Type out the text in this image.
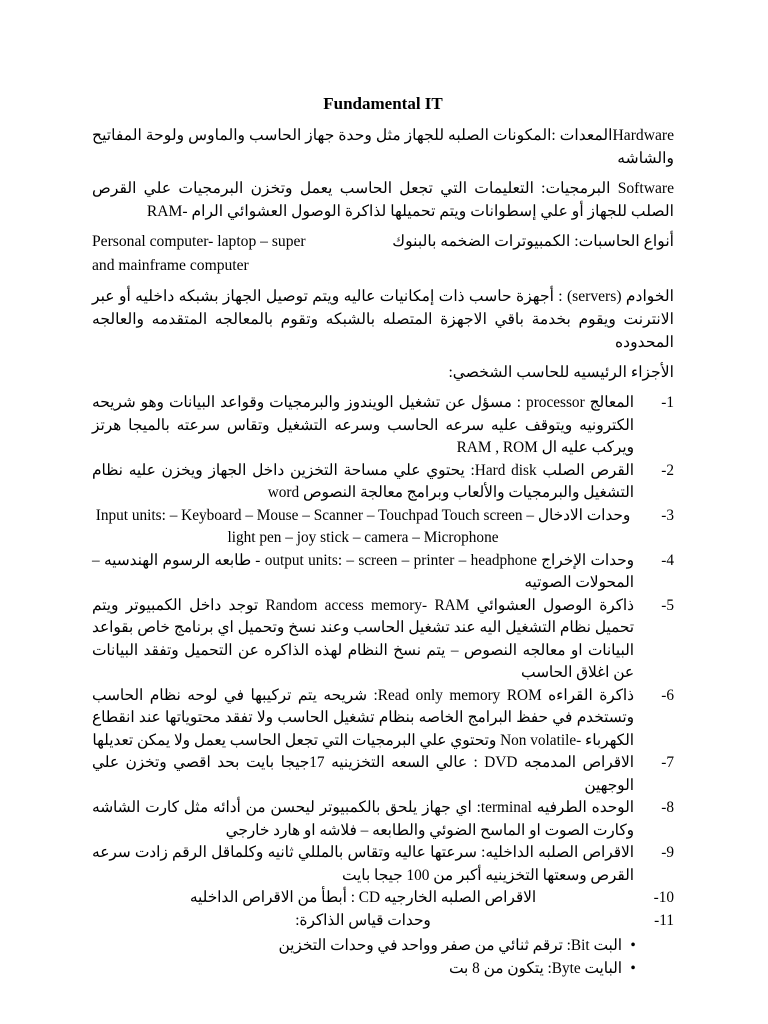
Fundamental IT

Hardwareالمعدات :المكونات الصلبه للجهاز مثل وحدة جهاز الحاسب والماوس ولوحة المفاتيح والشاشه

Software البرمجيات: التعليمات التي تجعل الحاسب يعمل وتخزن البرمجيات علي القرص الصلب للجهاز أو علي إسطوانات ويتم تحميلها لذاكرة الوصول العشوائي الرام -RAM

Personal computer- laptop – super	أنواع الحاسبات: الكمبيوترات الضخمه بالبنوك
and mainframe computer

الخوادم (servers) : أجهزة حاسب ذات إمكانيات عاليه ويتم توصيل الجهاز بشبكه داخليه أو عبر الانترنت ويقوم بخدمة باقي الاجهزة المتصله بالشبكه وتقوم بالمعالجه المتقدمه والعالجه المحدوده

الأجزاء الرئيسيه للحاسب الشخصي:
-1
المعالج processor : مسؤل عن تشغيل الويندوز والبرمجيات وقواعد البيانات وهو شريحه الكترونيه ويتوقف عليه سرعه الحاسب وسرعه التشغيل وتقاس سرعته بالميجا هرتز ويركب عليه ال RAM , ROM
-2
القرص الصلب Hard disk: يحتوي علي مساحة التخزين داخل الجهاز ويخزن عليه نظام التشغيل والبرمجيات والألعاب وبرامج معالجة النصوص word
-3
وحدات الادخال Input units: – Keyboard – Mouse – Scanner – Touchpad Touch screen – light pen – joy stick – camera – Microphone
-4
وحدات الإخراج output units: – screen – printer – headphone - طابعه الرسوم الهندسيه – المحولات الصوتيه
-5
ذاكرة الوصول العشوائي Random access memory- RAM توجد داخل الكمبيوتر ويتم تحميل نظام التشغيل اليه عند تشغيل الحاسب وعند نسخ وتحميل اي برنامج خاص بقواعد البيانات او معالجه النصوص – يتم نسخ النظام لهذه الذاكره عن التحميل وتفقد البيانات عن اغلاق الحاسب
-6
ذاكرة القراءه Read only memory ROM: شريحه يتم تركيبها في لوحه نظام الحاسب وتستخدم في حفظ البرامج الخاصه بنظام تشغيل الحاسب ولا تفقد محتوياتها عند انقطاع الكهرباء -Non volatile وتحتوي علي البرمجيات التي تجعل الحاسب يعمل ولا يمكن تعديلها
-7
الاقراص المدمجه DVD : عالي السعه التخزينيه 17جيجا بايت بحد اقصي وتخزن علي الوجهين
-8
الوحده الطرفيه terminal: اي جهاز يلحق بالكمبيوتر ليحسن من أدائه مثل كارت الشاشه وكارت الصوت او الماسح الضوئي والطابعه – فلاشه او هارد خارجي
-9
الاقراص الصلبه الداخليه: سرعتها عاليه وتقاس بالمللي ثانيه وكلماقل الرقم زادت سرعه القرص وسعتها التخزينيه أكبر من 100 جيجا بايت
-10
الاقراص الصلبه الخارجيه CD : أبطأ من الاقراص الداخليه
-11
وحدات قياس الذاكرة:
•
البت Bit: ترقم ثنائي من صفر وواحد في وحدات التخزين
•
البايت Byte: يتكون من 8 بت
